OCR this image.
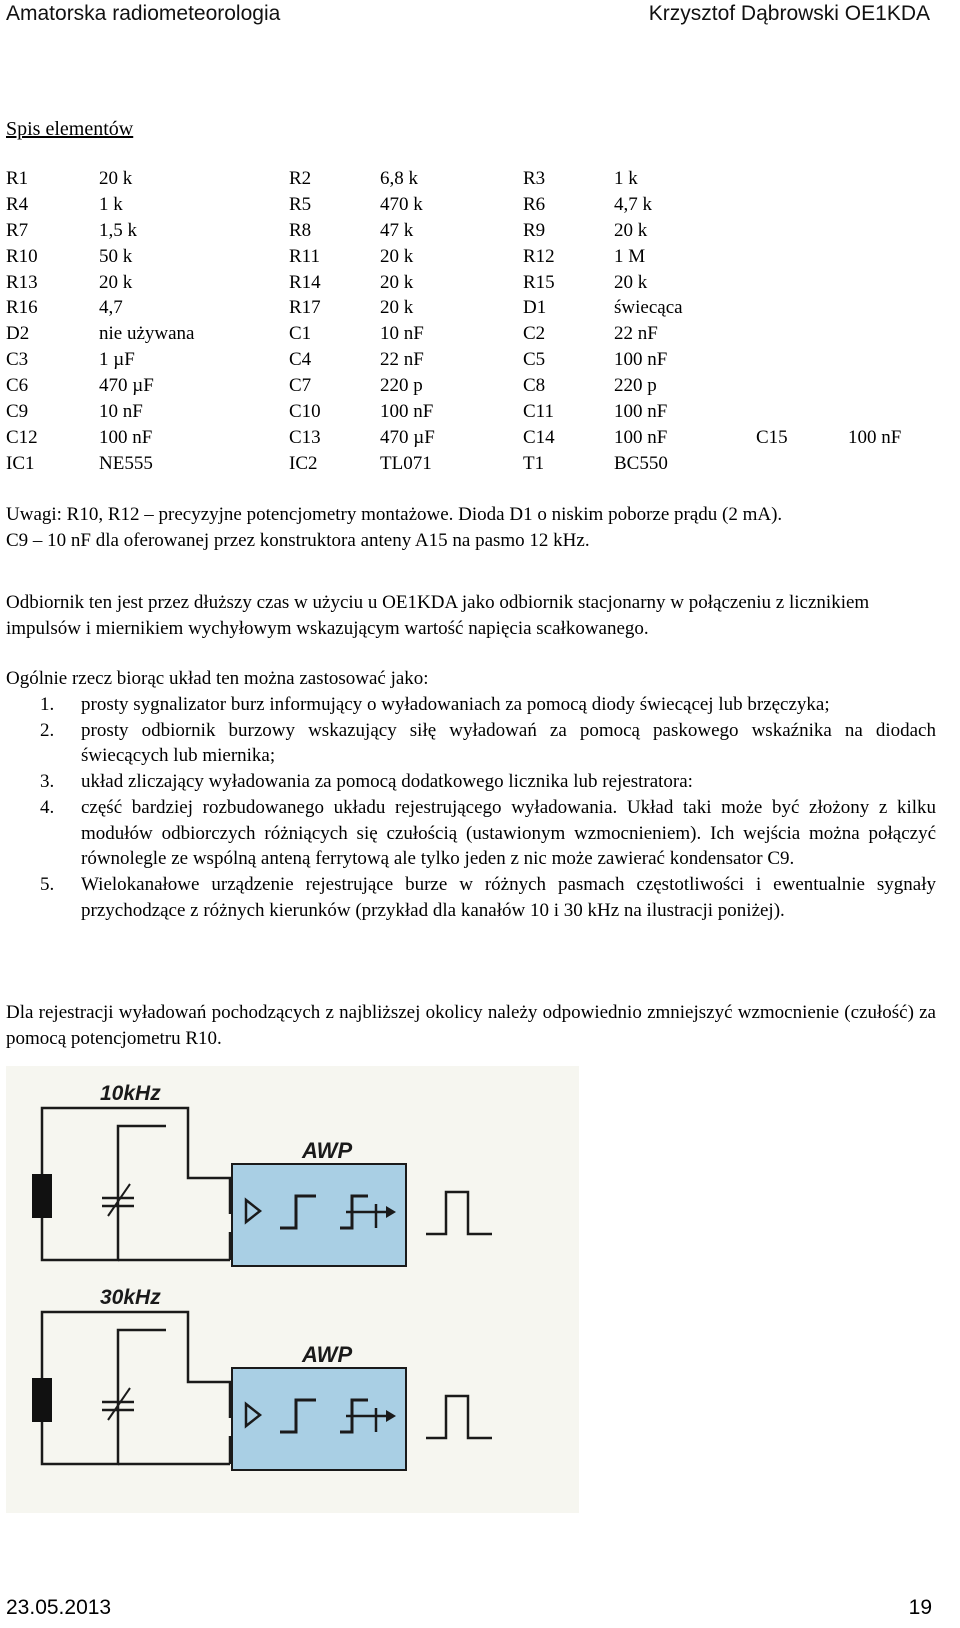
Amatorska radiometeorologia	Krzysztof Dąbrowski OE1KDA
Spis elementów
R1	20 k	R2	6,8 k	R3	1 k
R4	1 k	R5	470 k	R6	4,7 k
R7	1,5 k	R8	47 k	R9	20 k
R10	50 k	R11	20 k	R12	1 M
R13	20 k	R14	20 k	R15	20 k
R16	4,7	R17	20 k	D1	świecąca
D2	nie używana	C1	10 nF	C2	22 nF
C3	1 µF	C4	22 nF	C5	100 nF
C6	470 µF	C7	220 p	C8	220 p
C9	10 nF	C10	100 nF	C11	100 nF
C12	100 nF	C13	470 µF	C14	100 nF	C15	100 nF
IC1	NE555	IC2	TL071	T1	BC550
Uwagi: R10, R12 – precyzyjne potencjometry montażowe. Dioda D1 o niskim poborze prądu (2 mA).
C9 – 10 nF dla oferowanej przez konstruktora anteny A15 na pasmo 12 kHz.
Odbiornik ten jest przez dłuższy czas w użyciu u OE1KDA jako odbiornik stacjonarny w połączeniu z licznikiem impulsów i miernikiem wychyłowym wskazującym wartość napięcia scałkowanego.
Ogólnie rzecz biorąc układ ten można zastosować jako:
1. prosty sygnalizator burz informujący o wyładowaniach za pomocą diody świecącej lub brzęczyka;
2. prosty odbiornik burzowy wskazujący siłę wyładowań za pomocą paskowego wskaźnika na diodach świecących lub miernika;
3. układ zliczający wyładowania za pomocą dodatkowego licznika lub rejestratora:
4. część bardziej rozbudowanego układu rejestrującego wyładowania. Układ taki może być złożony z kilku modułów odbiorczych różniących się czułością (ustawionym wzmocnieniem). Ich wejścia można połączyć równolegle ze wspólną anteną ferrytową ale tylko jeden z nic może zawierać kondensator C9.
5. Wielokanałowe urządzenie rejestrujące burze w różnych pasmach częstotliwości i ewentualnie sygnały przychodzące z różnych kierunków (przykład dla kanałów 10 i 30 kHz na ilustracji poniżej).
Dla rejestracji wyładowań pochodzących z najbliższej okolicy należy odpowiednio zmniejszyć wzmocnienie (czułość) za pomocą potencjometru R10.
10kHz
AWP
30kHz
AWP
23.05.2013	19
